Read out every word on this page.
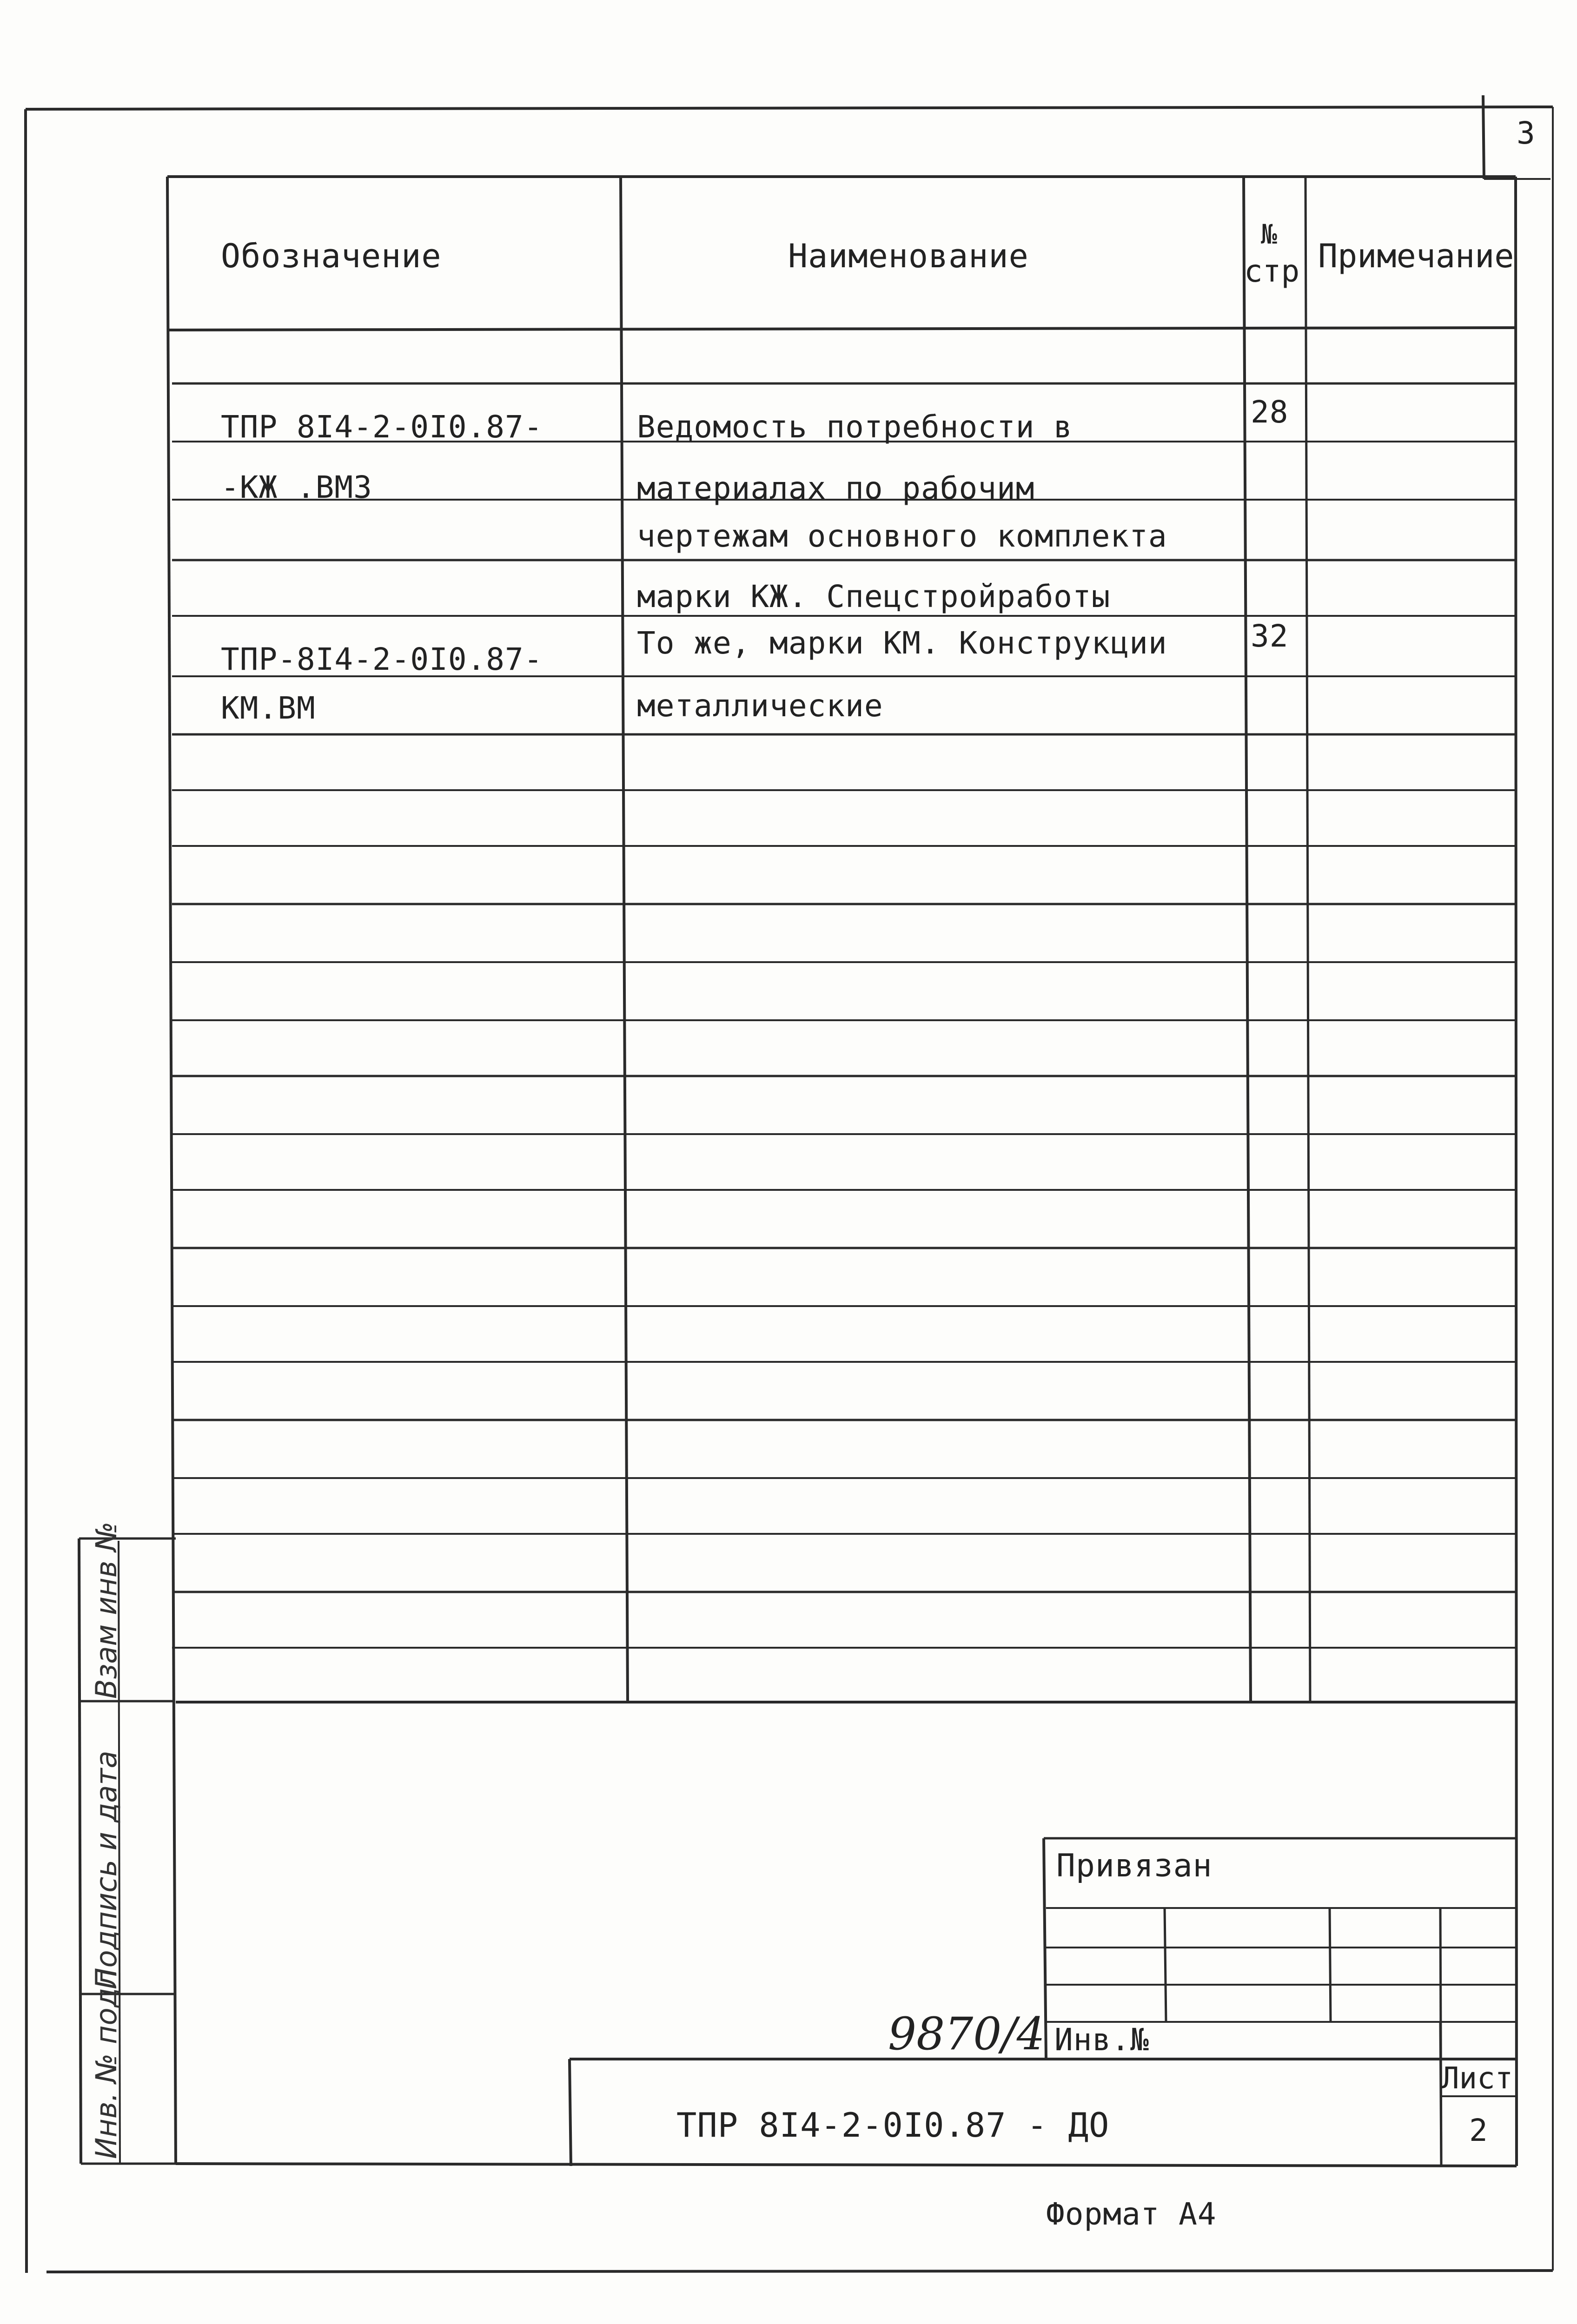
3
Обозначение	Наименование
№
стр Примечание
ТПР 8I4-2-0I0.87-
-КЖ .ВМЗ
Ведомость потребности в
материалах по рабочим
чертежам основного комплекта
марки КЖ. Спецстройработы
28
ТПР-8I4-2-0I0.87-
КМ.ВМ
То же, марки КМ. Конструкции
металлические
32
Взам инв №
Подпись и дата
Инв. № подл
Привязан
Инв.№
9870/4
ТПР 8I4-2-0I0.87 - ДО
Лист
2
Формат А4
